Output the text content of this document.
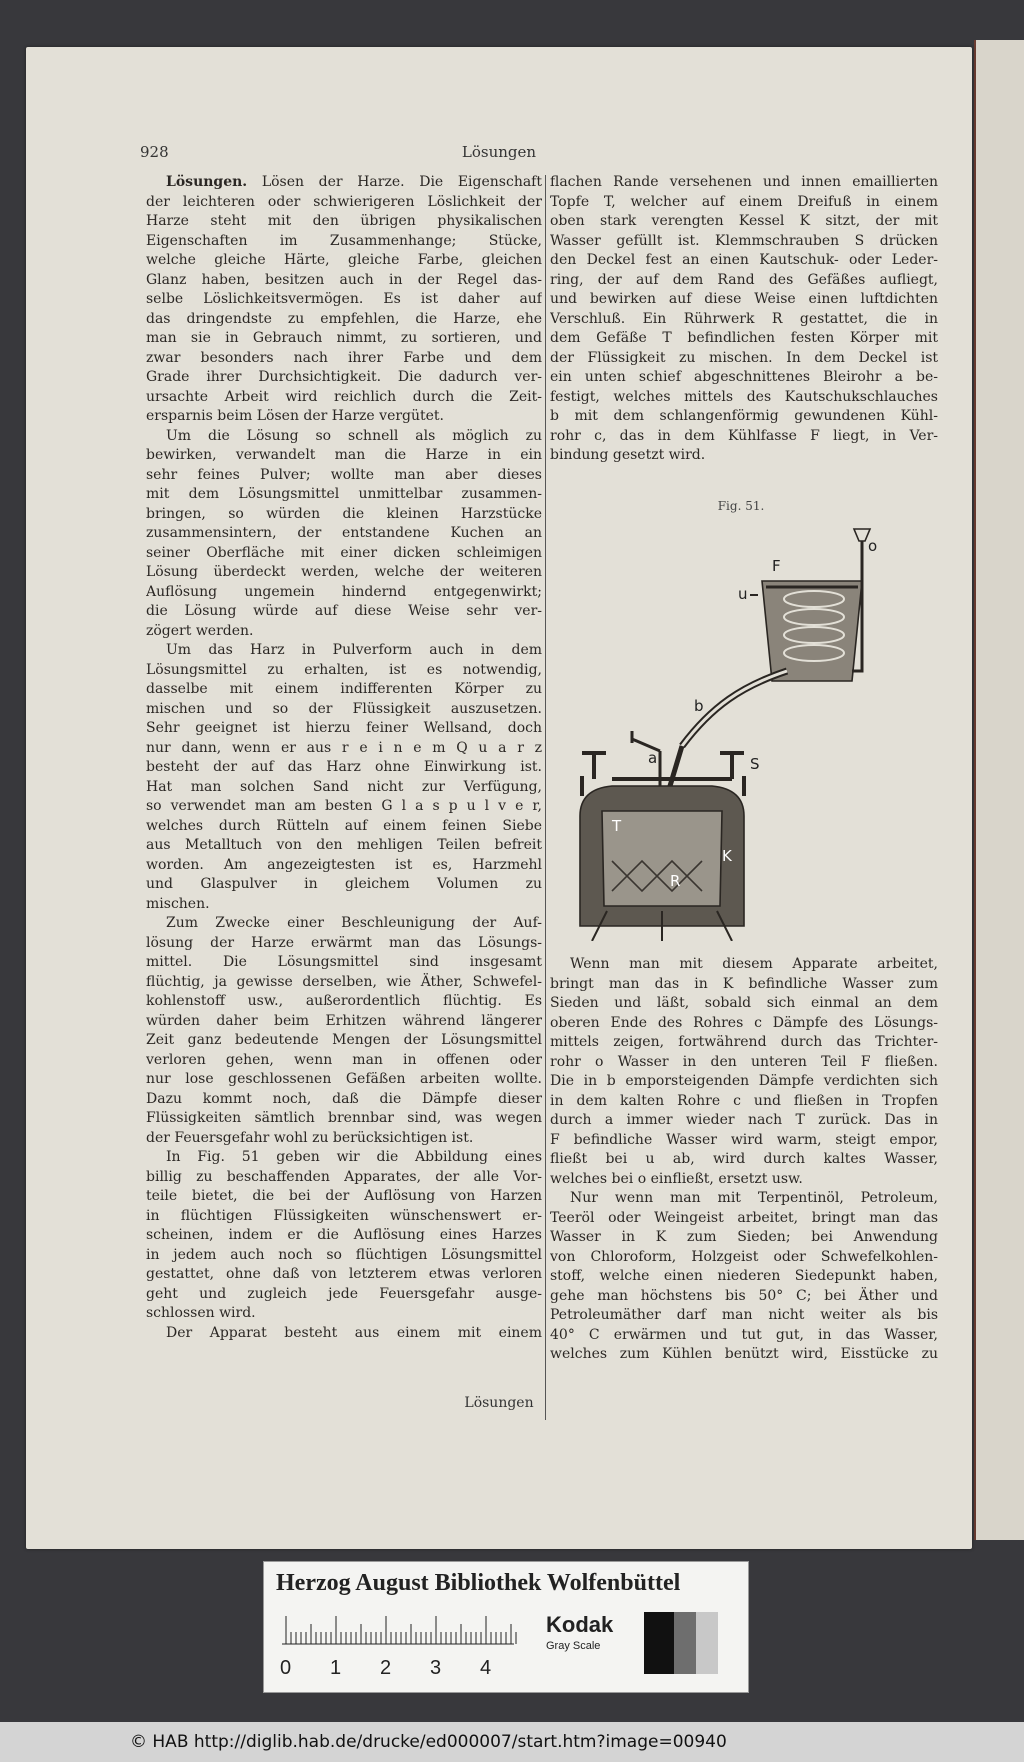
928	Lösungen
Lösungen. Lösen der Harze. Die Eigenschaft
der leichteren oder schwierigeren Löslichkeit der
Harze steht mit den übrigen physikalischen
Eigenschaften im Zusammenhange; Stücke,
welche gleiche Härte, gleiche Farbe, gleichen
Glanz haben, besitzen auch in der Regel das-
selbe Löslichkeitsvermögen. Es ist daher auf
das dringendste zu empfehlen, die Harze, ehe
man sie in Gebrauch nimmt, zu sortieren, und
zwar besonders nach ihrer Farbe und dem
Grade ihrer Durchsichtigkeit. Die dadurch ver-
ursachte Arbeit wird reichlich durch die Zeit-
ersparnis beim Lösen der Harze vergütet.
Um die Lösung so schnell als möglich zu
bewirken, verwandelt man die Harze in ein
sehr feines Pulver; wollte man aber dieses
mit dem Lösungsmittel unmittelbar zusammen-
bringen, so würden die kleinen Harzstücke
zusammensintern, der entstandene Kuchen an
seiner Oberfläche mit einer dicken schleimigen
Lösung überdeckt werden, welche der weiteren
Auflösung ungemein hindernd entgegenwirkt;
die Lösung würde auf diese Weise sehr ver-
zögert werden.
Um das Harz in Pulverform auch in dem
Lösungsmittel zu erhalten, ist es notwendig,
dasselbe mit einem indifferenten Körper zu
mischen und so der Flüssigkeit auszusetzen.
Sehr geeignet ist hierzu feiner Wellsand, doch
nur dann, wenn er aus r e i n e m Q u a r z
besteht der auf das Harz ohne Einwirkung ist.
Hat man solchen Sand nicht zur Verfügung,
so verwendet man am besten G l a s p u l v e r,
welches durch Rütteln auf einem feinen Siebe
aus Metalltuch von den mehligen Teilen befreit
worden. Am angezeigtesten ist es, Harzmehl
und Glaspulver in gleichem Volumen zu
mischen.
Zum Zwecke einer Beschleunigung der Auf-
lösung der Harze erwärmt man das Lösungs-
mittel. Die Lösungsmittel sind insgesamt
flüchtig, ja gewisse derselben, wie Äther, Schwefel-
kohlenstoff usw., außerordentlich flüchtig. Es
würden daher beim Erhitzen während längerer
Zeit ganz bedeutende Mengen der Lösungsmittel
verloren gehen, wenn man in offenen oder
nur lose geschlossenen Gefäßen arbeiten wollte.
Dazu kommt noch, daß die Dämpfe dieser
Flüssigkeiten sämtlich brennbar sind, was wegen
der Feuersgefahr wohl zu berücksichtigen ist.
In Fig. 51 geben wir die Abbildung eines
billig zu beschaffenden Apparates, der alle Vor-
teile bietet, die bei der Auflösung von Harzen
in flüchtigen Flüssigkeiten wünschenswert er-
scheinen, indem er die Auflösung eines Harzes
in jedem auch noch so flüchtigen Lösungsmittel
gestattet, ohne daß von letzterem etwas verloren
geht und zugleich jede Feuersgefahr ausge-
schlossen wird.
Der Apparat besteht aus einem mit einem
flachen Rande versehenen und innen emaillierten
Topfe T, welcher auf einem Dreifuß in einem
oben stark verengten Kessel K sitzt, der mit
Wasser gefüllt ist. Klemmschrauben S drücken
den Deckel fest an einen Kautschuk- oder Leder-
ring, der auf dem Rand des Gefäßes aufliegt,
und bewirken auf diese Weise einen luftdichten
Verschluß. Ein Rührwerk R gestattet, die in
dem Gefäße T befindlichen festen Körper mit
der Flüssigkeit zu mischen. In dem Deckel ist
ein unten schief abgeschnittenes Bleirohr a be-
festigt, welches mittels des Kautschukschlauches
b mit dem schlangenförmig gewundenen Kühl-
rohr c, das in dem Kühlfasse F liegt, in Ver-
bindung gesetzt wird.
Fig. 51.
F
u
o
b
a	S
T
R
K
Wenn man mit diesem Apparate arbeitet,
bringt man das in K befindliche Wasser zum
Sieden und läßt, sobald sich einmal an dem
oberen Ende des Rohres c Dämpfe des Lösungs-
mittels zeigen, fortwährend durch das Trichter-
rohr o Wasser in den unteren Teil F fließen.
Die in b emporsteigenden Dämpfe verdichten sich
in dem kalten Rohre c und fließen in Tropfen
durch a immer wieder nach T zurück. Das in
F befindliche Wasser wird warm, steigt empor,
fließt bei u ab, wird durch kaltes Wasser,
welches bei o einfließt, ersetzt usw.
Nur wenn man mit Terpentinöl, Petroleum,
Teeröl oder Weingeist arbeitet, bringt man das
Wasser in K zum Sieden; bei Anwendung
von Chloroform, Holzgeist oder Schwefelkohlen-
stoff, welche einen niederen Siedepunkt haben,
gehe man höchstens bis 50° C; bei Äther und
Petroleumäther darf man nicht weiter als bis
40° C erwärmen und tut gut, in das Wasser,
welches zum Kühlen benützt wird, Eisstücke zu
Lösungen
Herzog August Bibliothek Wolfenbüttel
0 1 2 3 4
Kodak
Gray Scale
© HAB http://diglib.hab.de/drucke/ed000007/start.htm?image=00940
